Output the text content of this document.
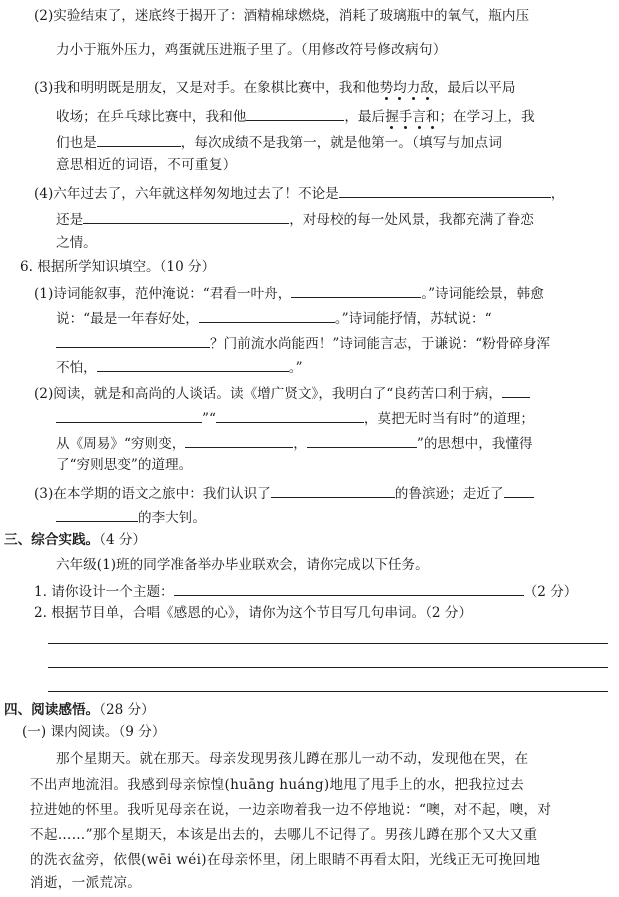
(2)实验结束了，迷底终于揭开了：酒精棉球燃烧，消耗了玻璃瓶中的氧气，瓶内压
力小于瓶外压力，鸡蛋就压进瓶子里了。（用修改符号修改病句）
(3)我和明明既是朋友，又是对手。在象棋比赛中，我和他势均力敌，最后以平局
收场；在乒乓球比赛中，我和他	，最后握手言和；在学习上，我
们也是	，每次成绩不是我第一，就是他第一。（填写与加点词
意思相近的词语，不可重复）
(4)六年过去了，六年就这样匆匆地过去了！不论是	，
还是	，对母校的每一处风景，我都充满了眷恋
之情。
6. 根据所学知识填空。（10 分）
(1)诗词能叙事，范仲淹说：“君看一叶舟，	。”诗词能绘景，韩愈
说：“最是一年春好处，	。”诗词能抒情，苏轼说：“
？门前流水尚能西！”诗词能言志，于谦说：“粉骨碎身浑
不怕，	。”
(2)阅读，就是和高尚的人谈话。读《增广贤文》，我明白了“良药苦口利于病，
”“	，莫把无时当有时”的道理；
从《周易》“穷则变，	，	”的思想中，我懂得
了“穷则思变”的道理。
(3)在本学期的语文之旅中：我们认识了	的鲁滨逊；走近了
的李大钊。
三、综合实践。（4 分）
六年级(1)班的同学准备举办毕业联欢会，请你完成以下任务。
1. 请你设计一个主题：	（2 分）
2. 根据节目单，合唱《感恩的心》，请你为这个节目写几句串词。（2 分）
四、阅读感悟。（28 分）
(一) 课内阅读。（9 分）
那个星期天。就在那天。母亲发现男孩儿蹲在那儿一动不动，发现他在哭，在
不出声地流泪。我感到母亲惊惶(huāng huáng)地甩了甩手上的水，把我拉过去
拉进她的怀里。我听见母亲在说，一边亲吻着我一边不停地说：“噢，对不起，噢，对
不起……”那个星期天，本该是出去的，去哪儿不记得了。男孩儿蹲在那个又大又重
的洗衣盆旁，依偎(wēi wéi)在母亲怀里，闭上眼睛不再看太阳，光线正无可挽回地
消逝，一派荒凉。
